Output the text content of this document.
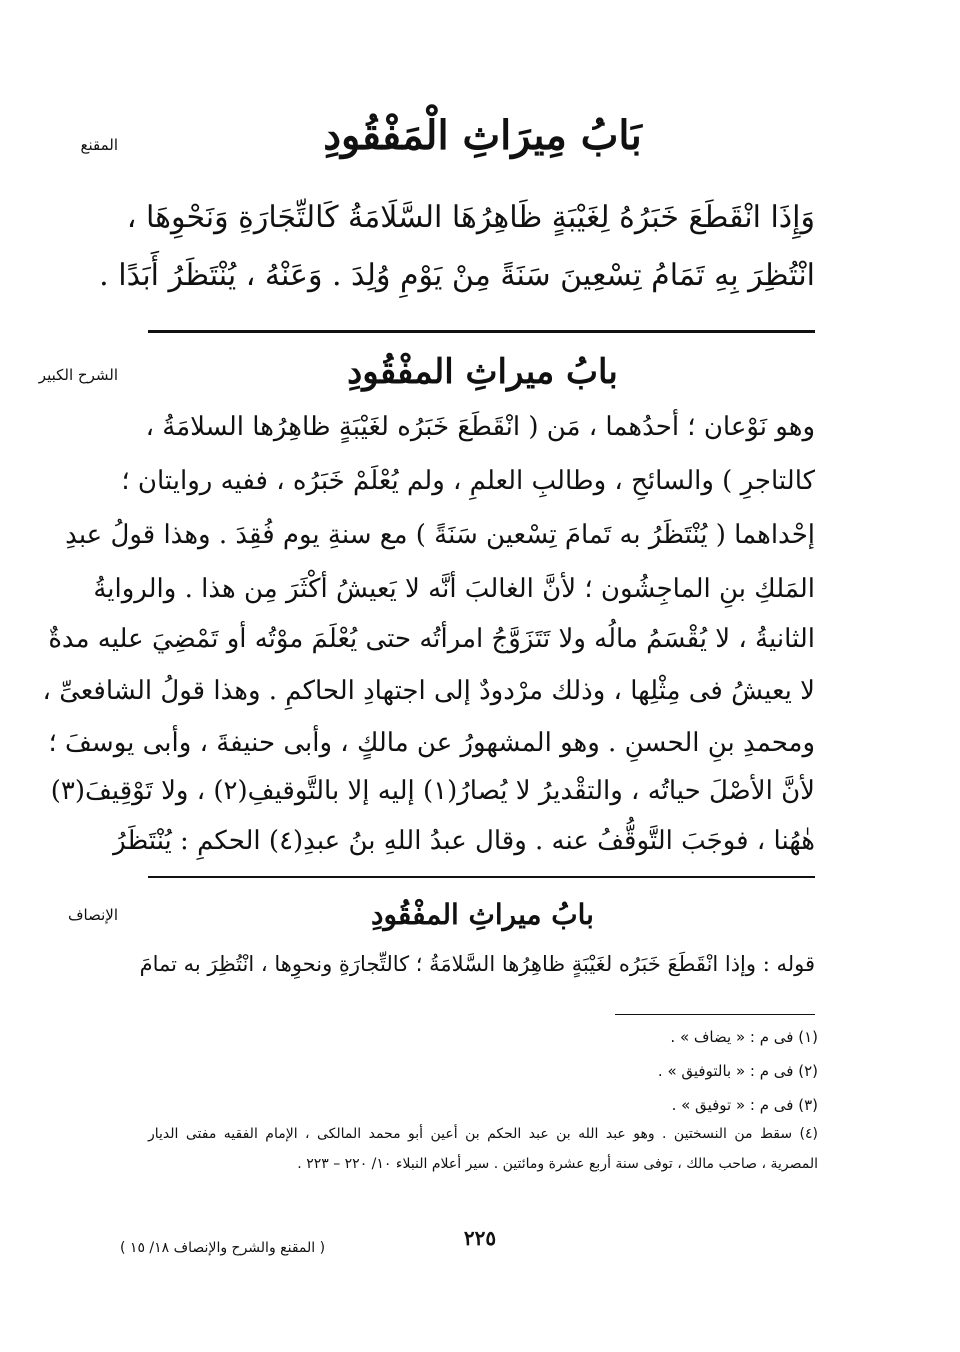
المقنع	بَابُ مِيرَاثِ الْمَفْقُودِ
وَإِذَا انْقَطَعَ خَبَرُهُ لِغَيْبَةٍ ظَاهِرُهَا السَّلَامَةُ كَالتِّجَارَةِ وَنَحْوِهَا ،
انْتُظِرَ بِهِ تَمَامُ تِسْعِينَ سَنَةً مِنْ يَوْمِ وُلِدَ . وَعَنْهُ ، يُنْتَظَرُ أَبَدًا .
الشرح الكبير	بابُ ميراثِ المفْقُودِ
وهو نَوْعان ؛ أحدُهما ، مَن ( انْقَطَعَ خَبَرُه لغَيْبَةٍ ظاهِرُها السلامَةُ ،
كالتاجرِ ) والسائحِ ، وطالبِ العلمِ ، ولم يُعْلَمْ خَبَرُه ، ففيه روايتان ؛
إحْداهما ( يُنْتَظَرُ به تَمامَ تِسْعين سَنَةً ) مع سنةِ يوم فُقِدَ . وهذا قولُ عبدِ
المَلكِ بنِ الماجِشُون ؛ لأنَّ الغالبَ أنَّه لا يَعيشُ أكْثَرَ مِن هذا . والروايةُ
الثانيةُ ، لا يُقْسَمُ مالُه ولا تَتَزَوَّجُ امرأتُه حتى يُعْلَمَ موْتُه أو تَمْضِيَ عليه مدةٌ
لا يعيشُ فى مِثْلِها ، وذلك مرْدودٌ إلى اجتهادِ الحاكمِ . وهذا قولُ الشافعىِّ ،
ومحمدِ بنِ الحسنِ . وهو المشهورُ عن مالكٍ ، وأبى حنيفةَ ، وأبى يوسفَ ؛
لأنَّ الأصْلَ حياتُه ، والتقْديرُ لا يُصارُ(١) إليه إلا بالتَّوقيفِ(٢) ، ولا تَوْقِيفَ(٣)
هٰهُنا ، فوجَبَ التَّوقُّفُ عنه . وقال عبدُ اللهِ بنُ عبدِ(٤) الحكمِ : يُنْتَظَرُ
الإنصاف	بابُ ميراثِ المفْقُودِ
قوله : وإذا انْقَطَعَ خَبَرُه لغَيْبَةٍ ظاهِرُها السَّلامَةُ ؛ كالتِّجارَةِ ونحوِها ، انْتُظِرَ به تمامَ
(١) فى م : « يضاف » .
(٢) فى م : « بالتوفيق » .
(٣) فى م : « توفيق » .
(٤) سقط من النسختين . وهو عبد الله بن عبد الحكم بن أعين أبو محمد المالكى ، الإمام الفقيه مفتى الديار
المصرية ، صاحب مالك ، توفى سنة أربع عشرة ومائتين . سير أعلام النبلاء ١٠/ ٢٢٠ – ٢٢٣ .
٢٢٥
( المقنع والشرح والإنصاف ١٨/ ١٥ )
